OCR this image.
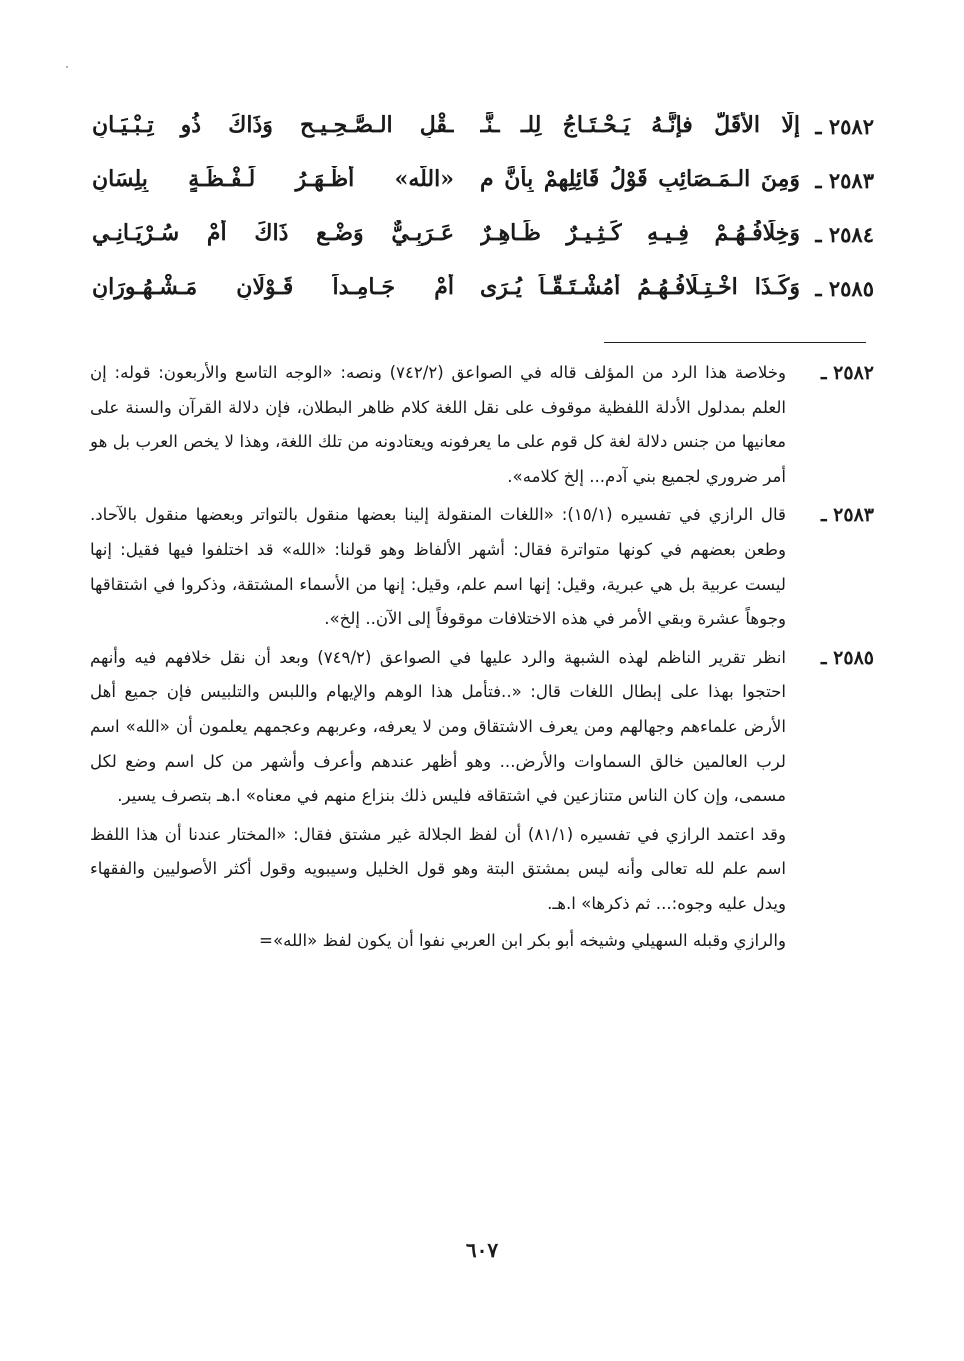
٢٥٨٢ ـ
إلَّا الأقَلَّ فإنَّـهُ يَـحْـتَـاجُ لِلـ ـنَّـ
ـقْلِ الـصَّـحِـيـحِ وَذَاكَ ذُو تِـبْـيَـانِ
٢٥٨٣ ـ
وَمِنَ الـمَـصَائِبِ قَوْلُ قَائِلِهِمْ بِأنَّ م
«اللَّه» أظْـهَـرُ لَـفْـظَـةٍ بِلِسَانِ
٢٥٨٤ ـ
وَخِلَافُـهُـمْ فِـيـهِ كَـثِـيـرٌ ظَـاهِـرٌ
عَـرَبِـيٌّ وَضْـعِ ذَاكَ أَمْ سُـرْيَـانِـي
٢٥٨٥ ـ
وَكَـذَا اخْـتِـلَافُـهُـمُ أَمُشْـتَـقّـاً يُـرَى
أمْ جَـامِـداً قَـوْلَانِ مَـشْـهُـورَانِ
٢٥٨٢ ـ
وخلاصة هذا الرد من المؤلف قاله في الصواعق (٧٤٢/٢) ونصه: «الوجه التاسع والأربعون: قوله: إن العلم بمدلول الأدلة اللفظية موقوف على نقل اللغة كلام ظاهر البطلان، فإن دلالة القرآن والسنة على معانيها من جنس دلالة لغة كل قوم على ما يعرفونه ويعتادونه من تلك اللغة، وهذا لا يخص العرب بل هو أمر ضروري لجميع بني آدم... إلخ كلامه».
٢٥٨٣ ـ
قال الرازي في تفسيره (١٥/١): «اللغات المنقولة إلينا بعضها منقول بالتواتر وبعضها منقول بالآحاد. وطعن بعضهم في كونها متواترة فقال: أشهر الألفاظ وهو قولنا: «الله» قد اختلفوا فيها فقيل: إنها ليست عربية بل هي عبرية، وقيل: إنها اسم علم، وقيل: إنها من الأسماء المشتقة، وذكروا في اشتقاقها وجوهاً عشرة وبقي الأمر في هذه الاختلافات موقوفاً إلى الآن.. إلخ».
٢٥٨٥ ـ
انظر تقرير الناظم لهذه الشبهة والرد عليها في الصواعق (٧٤٩/٢) وبعد أن نقل خلافهم فيه وأنهم احتجوا بهذا على إبطال اللغات قال: «..فتأمل هذا الوهم والإيهام واللبس والتلبيس فإن جميع أهل الأرض علماءهم وجهالهم ومن يعرف الاشتقاق ومن لا يعرفه، وعربهم وعجمهم يعلمون أن «الله» اسم لرب العالمين خالق السماوات والأرض... وهو أظهر عندهم وأعرف وأشهر من كل اسم وضع لكل مسمى، وإن كان الناس متنازعين في اشتقاقه فليس ذلك بنزاع منهم في معناه» ا.هـ بتصرف يسير.
وقد اعتمد الرازي في تفسيره (٨١/١) أن لفظ الجلالة غير مشتق فقال: «المختار عندنا أن هذا اللفظ اسم علم لله تعالى وأنه ليس بمشتق البتة وهو قول الخليل وسيبويه وقول أكثر الأصوليين والفقهاء ويدل عليه وجوه:... ثم ذكرها» ا.هـ.
والرازي وقبله السهيلي وشيخه أبو بكر ابن العربي نفوا أن يكون لفظ «الله»=
٦٠٧
